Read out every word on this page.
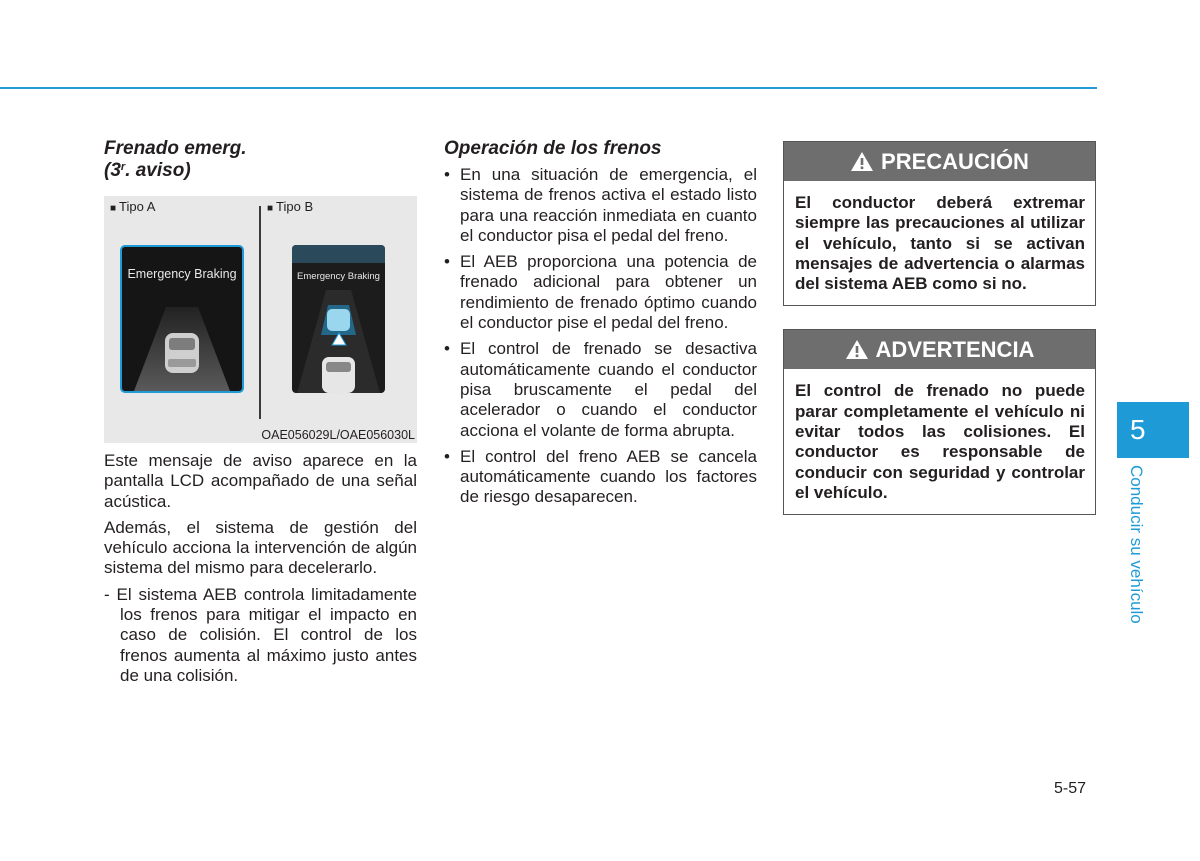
Frenado emerg.
(3$^r$. aviso)

■ Tipo A	■ Tipo B
Emergency Braking	Emergency Braking
OAE056029L/OAE056030L

Este mensaje de aviso aparece en la pantalla LCD acompañado de una señal acústica.

Además, el sistema de gestión del vehículo acciona la intervención de algún sistema del mismo para decelerarlo.

- El sistema AEB controla limitadamente los frenos para mitigar el impacto en caso de colisión. El control de los frenos aumenta al máximo justo antes de una colisión.

Operación de los frenos

• En una situación de emergencia, el sistema de frenos activa el estado listo para una reacción inmediata en cuanto el conductor pisa el pedal del freno.
• El AEB proporciona una potencia de frenado adicional para obtener un rendimiento de frenado óptimo cuando el conductor pise el pedal del freno.
• El control de frenado se desactiva automáticamente cuando el conductor pisa bruscamente el pedal del acelerador o cuando el conductor acciona el volante de forma abrupta.
• El control del freno AEB se cancela automáticamente cuando los factores de riesgo desaparecen.
PRECAUCIÓN
El conductor deberá extremar siempre las precauciones al utilizar el vehículo, tanto si se activan mensajes de advertencia o alarmas del sistema AEB como si no.
ADVERTENCIA
El control de frenado no puede parar completamente el vehículo ni evitar todos las colisiones. El conductor es responsable de conducir con seguridad y controlar el vehículo.
5
Conducir su vehículo
5-57
